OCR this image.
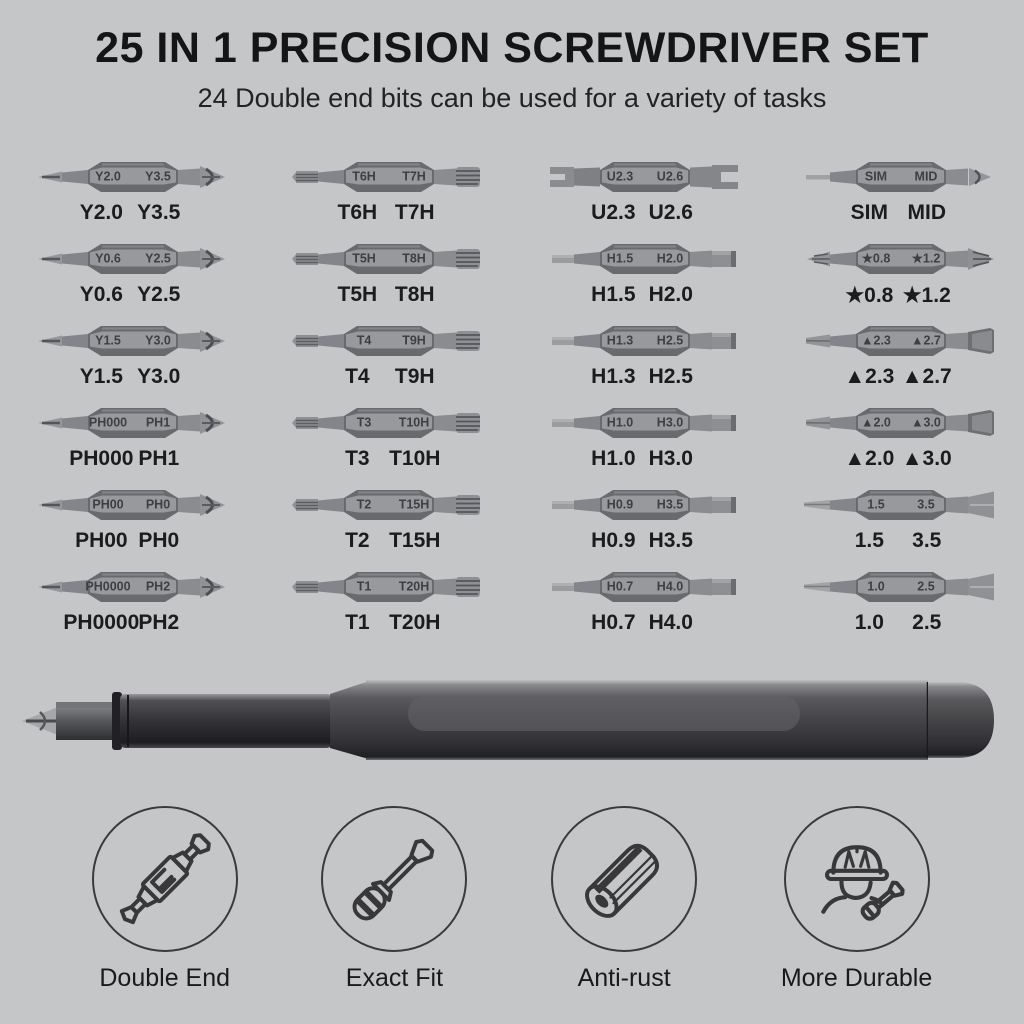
25 IN 1 PRECISION SCREWDRIVER SET

24 Double end bits can be used for a variety of tasks

Y2.0 Y3.5
Y2.0 Y3.5
T6H T7H
T6H T7H
U2.3 U2.6
U2.3 U2.6
SIM MID
SIM MID
Y0.6 Y2.5
Y0.6 Y2.5
T5H T8H
T5H T8H
H1.5 H2.0
H1.5 H2.0
★0.8 ★1.2
★0.8 ★1.2
Y1.5 Y3.0
Y1.5 Y3.0
T4 T9H
T4 T9H
H1.3 H2.5
H1.3 H2.5
▲2.3 ▲2.7
▲2.3 ▲2.7
PH000 PH1
PH000 PH1
T3 T10H
T3 T10H
H1.0 H3.0
H1.0 H3.0
▲2.0 ▲3.0
▲2.0 ▲3.0
PH00 PH0
PH00 PH0
T2 T15H
T2 T15H
H0.9 H3.5
H0.9 H3.5
1.5	3.5
1.5 3.5
PH0000 PH2
PH0000 PH2
T1 T20H
T1 T20H
H0.7 H4.0
H0.7 H4.0
1.0	2.5
1.0 2.5
Double End	Exact Fit	Anti-rust	More Durable
